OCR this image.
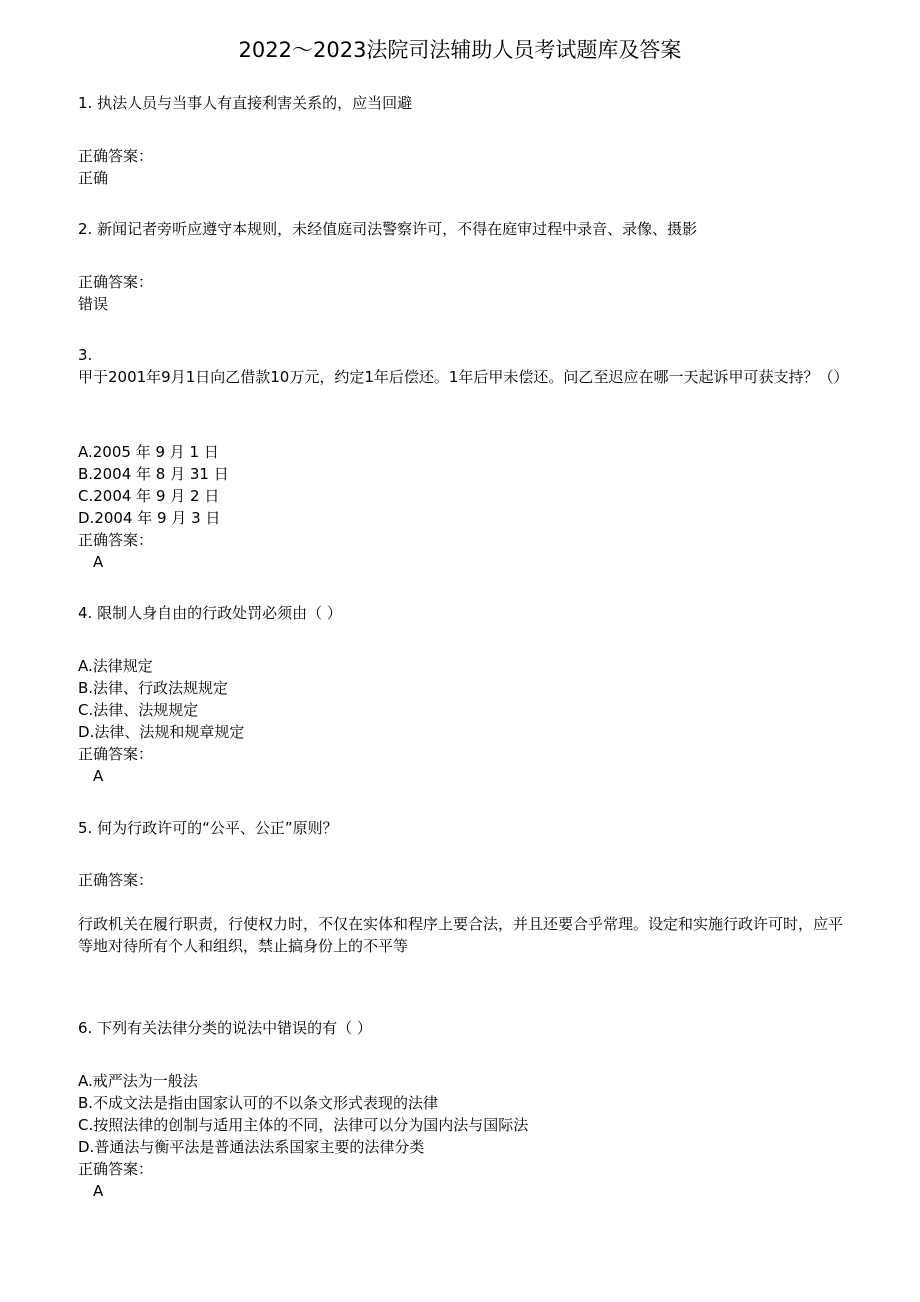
2022～2023法院司法辅助人员考试题库及答案
1. 执法人员与当事人有直接利害关系的，应当回避
正确答案：
正确
2. 新闻记者旁听应遵守本规则，未经值庭司法警察许可，不得在庭审过程中录音、录像、摄影
正确答案：
错误
3.
甲于2001年9月1日向乙借款10万元，约定1年后偿还。1年后甲未偿还。问乙至迟应在哪一天起诉甲可获支持？（）
A.2005 年 9 月 1 日
B.2004 年 8 月 31 日
C.2004 年 9 月 2 日
D.2004 年 9 月 3 日
正确答案：
A
4. 限制人身自由的行政处罚必须由（ ）
A.法律规定
B.法律、行政法规规定
C.法律、法规规定
D.法律、法规和规章规定
正确答案：
A
5. 何为行政许可的“公平、公正”原则？
正确答案：
行政机关在履行职责，行使权力时，不仅在实体和程序上要合法，并且还要合乎常理。设定和实施行政许可时，应平等地对待所有个人和组织，禁止搞身份上的不平等
6. 下列有关法律分类的说法中错误的有（ ）
A.戒严法为一般法
B.不成文法是指由国家认可的不以条文形式表现的法律
C.按照法律的创制与适用主体的不同，法律可以分为国内法与国际法
D.普通法与衡平法是普通法法系国家主要的法律分类
正确答案：
A
